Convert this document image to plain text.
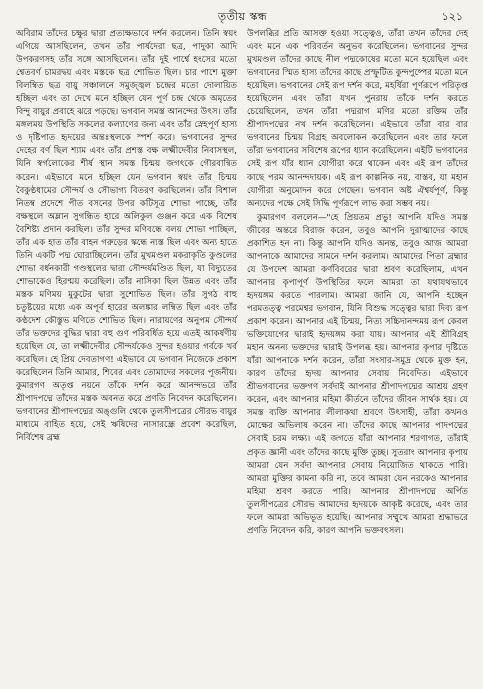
তৃতীয় স্কন্ধ	১২১

অবিরাম তাঁদের চক্ষুর দ্বারা প্রত্যক্ষভাবে দর্শন করলেন। তিনি স্বয়ং এগিয়ে আসছিলেন, তখন তাঁর পার্ষদেরা ছত্র, পাদুকা আদি উপকরণসহ তাঁর সঙ্গে আসছিলেন। তাঁর দুই পার্শ্বে হংসের মতো শ্বেতবর্ণ চামরদ্বয় এবং মস্তকে ছত্র শোভিত ছিল। চার পাশে মুক্তা বিলম্বিত ছত্র বায়ু সঞ্চালনে সমুজ্জ্বল চন্দ্রের মতো দোলায়িত হচ্ছিল এবং তা দেখে মনে হচ্ছিল যেন পূর্ণ চন্দ্র থেকে অমৃতের বিন্দু বায়ুর প্রবাহে ঝরে পড়ছে। ভগবান সমস্ত আনন্দের উৎস। তাঁর মঙ্গলময় উপস্থিতি সকলের কল্যাণের জন্য এবং তাঁর স্নেহপূর্ণ হাস্য ও দৃষ্টিপাত হৃদয়ের অন্তঃস্থলকে স্পর্শ করে। ভগবানের সুন্দর দেহের বর্ণ ছিল শ্যাম এবং তাঁর প্রশস্ত বক্ষ লক্ষ্মীদেবীর নিবাসস্থল, যিনি স্বর্গলোকের শীর্ষ স্থান সমস্ত চিন্ময় জগৎকে গৌরবান্বিত করেন। এইভাবে মনে হচ্ছিল যেন ভগবান স্বয়ং তাঁর চিন্ময় বৈকুণ্ঠধামের সৌন্দর্য ও সৌভাগ্য বিতরণ করছিলেন। তাঁর বিশাল নিতম্ব প্রদেশে পীত বসনের উপর কটিসূত্র শোভা পাচ্ছে, তাঁর বক্ষস্থলে অম্লান সুগন্ধিত হারে অলিকুল গুঞ্জন করে এক বিশেষ বৈশিষ্ট্য প্রদান করছিল। তাঁর সুন্দর মণিবন্ধে বলয় শোভা পাচ্ছিল, তাঁর এক হাত তাঁর বাহন গরুড়ের স্কন্ধে ন্যস্ত ছিল এবং অন্য হাতে তিনি একটি পদ্ম ঘোরাচ্ছিলেন। তাঁর মুখমণ্ডল মকরাকৃতি কুণ্ডলের শোভা বর্ধনকারী গণ্ডস্থলের দ্বারা সৌন্দর্যমণ্ডিত ছিল, যা বিদ্যুতের শোভাকেও হিরণ্ময় করেছিল। তাঁর নাসিকা ছিল উন্নত এবং তাঁর মস্তক মণিময় মুকুটের দ্বারা সুশোভিত ছিল। তাঁর সুগঠ বাহু চতুষ্টয়ের মধ্যে এক অপূর্ব হারের অলঙ্কার লম্বিত ছিল এবং তাঁর কণ্ঠদেশ কৌস্তুভ মণিতে শোভিত ছিল। নারায়ণের অনুপম সৌন্দর্য তাঁর ভক্তদের বুদ্ধির দ্বারা বহু গুণ পরিবর্ধিত হয়ে এতই আকর্ষণীয় হয়েছিল যে, তা লক্ষ্মীদেবীর সৌন্দর্যকেও সুন্দর হওয়ার গর্বকে খর্ব করেছিল। হে প্রিয় দেবতাগণ! এইভাবে যে ভগবান নিজেকে প্রকাশ করেছিলেন তিনি আমার, শিবের এবং তোমাদের সকলের পূজনীয়। কুমারগণ অতৃপ্ত নয়নে তাঁকে দর্শন করে আনন্দভরে তাঁর শ্রীপাদপদ্মে তাঁদের মস্তক অবনত করে প্রণতি নিবেদন করেছিলেন। ভগবানের শ্রীপাদপদ্মের অঙ্গুলি থেকে তুলসীপত্রের সৌরভ বায়ুর মাধ্যমে বাহিত হয়ে, সেই ঋষিদের নাসারন্ধ্রে প্রবেশ করেছিল, নির্বিশেষ ব্রহ্ম

উপলব্ধির প্রতি আসক্ত হওয়া সত্ত্বেও, তাঁরা তখন তাঁদের দেহ এবং মনে এক পরিবর্তন অনুভব করেছিলেন। ভগবানের সুন্দর মুখমণ্ডল তাঁদের কাছে নীল পদ্মকোষের মতো মনে হয়েছিল এবং ভগবানের স্মিত হাস্য তাঁদের কাছে প্রস্ফুটিত কুন্দপুষ্পের মতো মনে হয়েছিল। ভগবানের সেই রূপ দর্শন করে, মহর্ষিরা পূর্ণরূপে পরিতৃপ্ত হয়েছিলেন এবং তাঁরা যখন পুনরায় তাঁকে দর্শন করতে চেয়েছিলেন, তখন তাঁরা পদ্মরাগ মণির মতো রক্তিম তাঁর শ্রীপাদপদ্মের নখ দর্শন করেছিলেন। এইভাবে তাঁরা বার বার ভগবানের চিন্ময় বিগ্রহ অবলোকন করেছিলেন এবং তার ফলে তাঁরা ভগবানের সবিশেষ রূপের ধ্যান করেছিলেন। এইটি ভগবানের সেই রূপ যাঁর ধ্যান যোগীরা করে থাকেন এবং এই রূপ তাঁদের কাছে পরম আনন্দদায়ক। এই রূপ কাল্পনিক নয়, বাস্তব, যা মহান যোগীরা অনুমোদন করে গেছেন। ভগবান অষ্ট ঐশ্বর্যপূর্ণ, কিন্তু অন্যদের পক্ষে সেই সিদ্ধি পূর্ণরূপে লাভ করা সম্ভব নয়।

কুমারগণ বললেন—"হে প্রিয়তম প্রভু! আপনি যদিও সমস্ত জীবের অন্তরে বিরাজ করেন, তবুও আপনি দুরাত্মাদের কাছে প্রকাশিত হন না। কিন্তু আপনি যদিও অনন্ত, তবুও আজ আমরা আপনাকে আমাদের সামনে দর্শন করলাম। আমাদের পিতা ব্রহ্মার যে উপদেশ আমরা কর্ণবিবরের দ্বারা শ্রবণ করেছিলাম, এখন আপনার কৃপাপূর্ণ উপস্থিতির ফলে আমরা তা যথাযথভাবে হৃদয়ঙ্গম করতে পারলাম। আমরা জানি যে, আপনি হচ্ছেন পরমতত্ত্ব পরমেশ্বর ভগবান, যিনি বিশুদ্ধ সত্ত্বের দ্বারা দিব্য রূপ প্রকাশ করেন। আপনার এই চিন্ময়, নিত্য সচ্চিদানন্দময় রূপ কেবল ভক্তিযোগের দ্বারাই হৃদয়ঙ্গম করা যায়। আপনার এই শ্রীবিগ্রহ মহান অনন্য ভক্তদের দ্বারাই উপলব্ধ হয়। আপনার কৃপার দৃষ্টিতে যাঁরা আপনাকে দর্শন করেন, তাঁরা সংসার-সমুদ্র থেকে মুক্ত হন, কারণ তাঁদের হৃদয় আপনার সেবায় নিবেদিত। এইভাবে শ্রীভগবানের ভক্তগণ সর্বদাই আপনার শ্রীপাদপদ্মের আশ্রয় গ্রহণ করেন, এবং আপনার মহিমা কীর্তনে তাঁদের জীবন সার্থক হয়। যে সমস্ত ব্যক্তি আপনার লীলাকথা শ্রবণে উৎসাহী, তাঁরা কখনও মোক্ষের অভিলাষ করেন না। তাঁদের কাছে আপনার পাদপদ্মের সেবাই চরম লক্ষ্য। এই জগতে যাঁরা আপনার শরণাগত, তাঁরাই প্রকৃত জ্ঞানী এবং তাঁদের কাছে মুক্তি তুচ্ছ। সুতরাং আপনার কৃপায় আমরা যেন সর্বদা আপনার সেবায় নিয়োজিত থাকতে পারি। আমরা মুক্তির কামনা করি না, তবে আমরা যেন নরকেও আপনার মহিমা শ্রবণ করতে পারি। আপনার শ্রীপাদপদ্মে অর্পিত তুলসীপত্রের সৌরভ আমাদের হৃদয়কে আকৃষ্ট করেছে, এবং তার ফলে আমরা অভিভূত হয়েছি। আপনার সম্মুখে আমরা শ্রদ্ধাভরে প্রণতি নিবেদন করি, কারণ আপনি ভক্তবৎসল।
